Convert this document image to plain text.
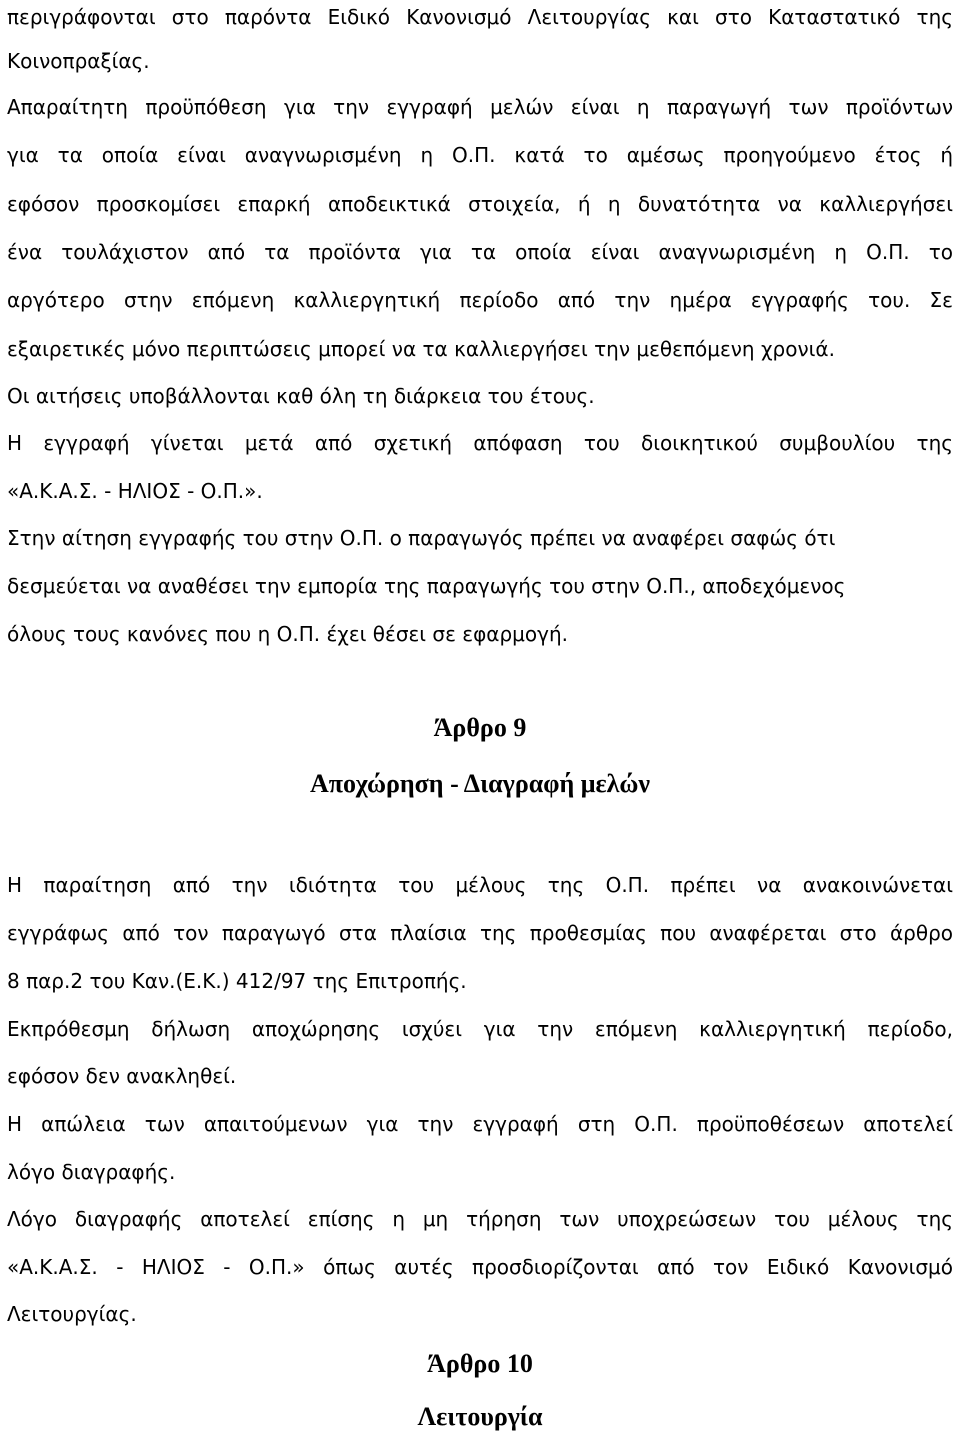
περιγράφονται στο παρόντα Ειδικό Κανονισμό Λειτουργίας και στο Καταστατικό της
Κοινοπραξίας.
Απαραίτητη προϋπόθεση για την εγγραφή μελών είναι η παραγωγή των προϊόντων
για τα οποία είναι αναγνωρισμένη η Ο.Π. κατά το αμέσως προηγούμενο έτος ή
εφόσον προσκομίσει επαρκή αποδεικτικά στοιχεία, ή η δυνατότητα να καλλιεργήσει
ένα τουλάχιστον από τα προϊόντα για τα οποία είναι αναγνωρισμένη η Ο.Π. το
αργότερο στην επόμενη καλλιεργητική περίοδο από την ημέρα εγγραφής του. Σε
εξαιρετικές μόνο περιπτώσεις μπορεί να τα καλλιεργήσει την μεθεπόμενη χρονιά.
Οι αιτήσεις υποβάλλονται καθ όλη τη διάρκεια του έτους.
Η εγγραφή γίνεται μετά από σχετική απόφαση του διοικητικού συμβουλίου της
«Α.Κ.Α.Σ. - ΗΛΙΟΣ - Ο.Π.».
Στην αίτηση εγγραφής του στην Ο.Π. ο παραγωγός πρέπει να αναφέρει σαφώς ότι
δεσμεύεται να αναθέσει την εμπορία της παραγωγής του στην Ο.Π., αποδεχόμενος
όλους τους κανόνες που η Ο.Π. έχει θέσει σε εφαρμογή.
Άρθρο 9
Αποχώρηση - Διαγραφή μελών
Η παραίτηση από την ιδιότητα του μέλους της Ο.Π. πρέπει να ανακοινώνεται
εγγράφως από τον παραγωγό στα πλαίσια της προθεσμίας που αναφέρεται στο άρθρο
8 παρ.2 του Καν.(Ε.Κ.) 412/97 της Επιτροπής.
Εκπρόθεσμη δήλωση αποχώρησης ισχύει για την επόμενη καλλιεργητική περίοδο,
εφόσον δεν ανακληθεί.
Η απώλεια των απαιτούμενων για την εγγραφή στη Ο.Π. προϋποθέσεων αποτελεί
λόγο διαγραφής.
Λόγο διαγραφής αποτελεί επίσης η μη τήρηση των υποχρεώσεων του μέλους της
«Α.Κ.Α.Σ. - ΗΛΙΟΣ - Ο.Π.» όπως αυτές προσδιορίζονται από τον Ειδικό Κανονισμό
Λειτουργίας.
Άρθρο 10
Λειτουργία
